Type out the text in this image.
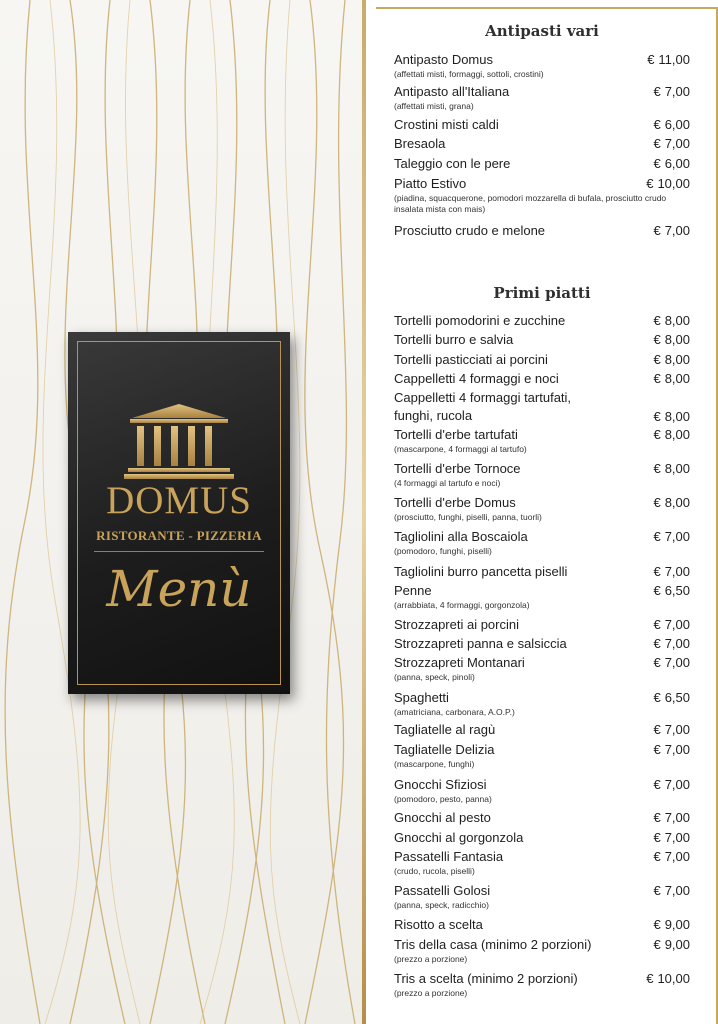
DOMUS
RISTORANTE - PIZZERIA
Menù
Antipasti vari
Antipasto Domus	€ 11,00
(affettati misti, formaggi, sottoli, crostini)
Antipasto all'Italiana	€ 7,00
(affettati misti, grana)
Crostini misti caldi	€ 6,00
Bresaola	€ 7,00
Taleggio con le pere	€ 6,00
Piatto Estivo	€ 10,00
(piadina, squacquerone, pomodori mozzarella di bufala, prosciutto crudo insalata mista con mais)
Prosciutto crudo e melone	€ 7,00
Primi piatti
Tortelli pomodorini e zucchine	€ 8,00
Tortelli burro e salvia	€ 8,00
Tortelli pasticciati ai porcini	€ 8,00
Cappelletti 4 formaggi e noci	€ 8,00
Cappelletti 4 formaggi tartufati,
funghi, rucola	€ 8,00
Tortelli d'erbe tartufati	€ 8,00
(mascarpone, 4 formaggi al tartufo)
Tortelli d'erbe Tornoce	€ 8,00
(4 formaggi al tartufo e noci)
Tortelli d'erbe Domus	€ 8,00
(prosciutto, funghi, piselli, panna, tuorli)
Tagliolini alla Boscaiola	€ 7,00
(pomodoro, funghi, piselli)
Tagliolini burro pancetta piselli	€ 7,00
Penne	€ 6,50
(arrabbiata, 4 formaggi, gorgonzola)
Strozzapreti ai porcini	€ 7,00
Strozzapreti panna e salsiccia	€ 7,00
Strozzapreti Montanari	€ 7,00
(panna, speck, pinoli)
Spaghetti	€ 6,50
(amatriciana, carbonara, A.O.P.)
Tagliatelle al ragù	€ 7,00
Tagliatelle Delizia	€ 7,00
(mascarpone, funghi)
Gnocchi Sfiziosi	€ 7,00
(pomodoro, pesto, panna)
Gnocchi al pesto	€ 7,00
Gnocchi al gorgonzola	€ 7,00
Passatelli Fantasia	€ 7,00
(crudo, rucola, piselli)
Passatelli Golosi	€ 7,00
(panna, speck, radicchio)
Risotto a scelta	€ 9,00
Tris della casa (minimo 2 porzioni)	€ 9,00
(prezzo a porzione)
Tris a scelta (minimo 2 porzioni)	€ 10,00
(prezzo a porzione)
